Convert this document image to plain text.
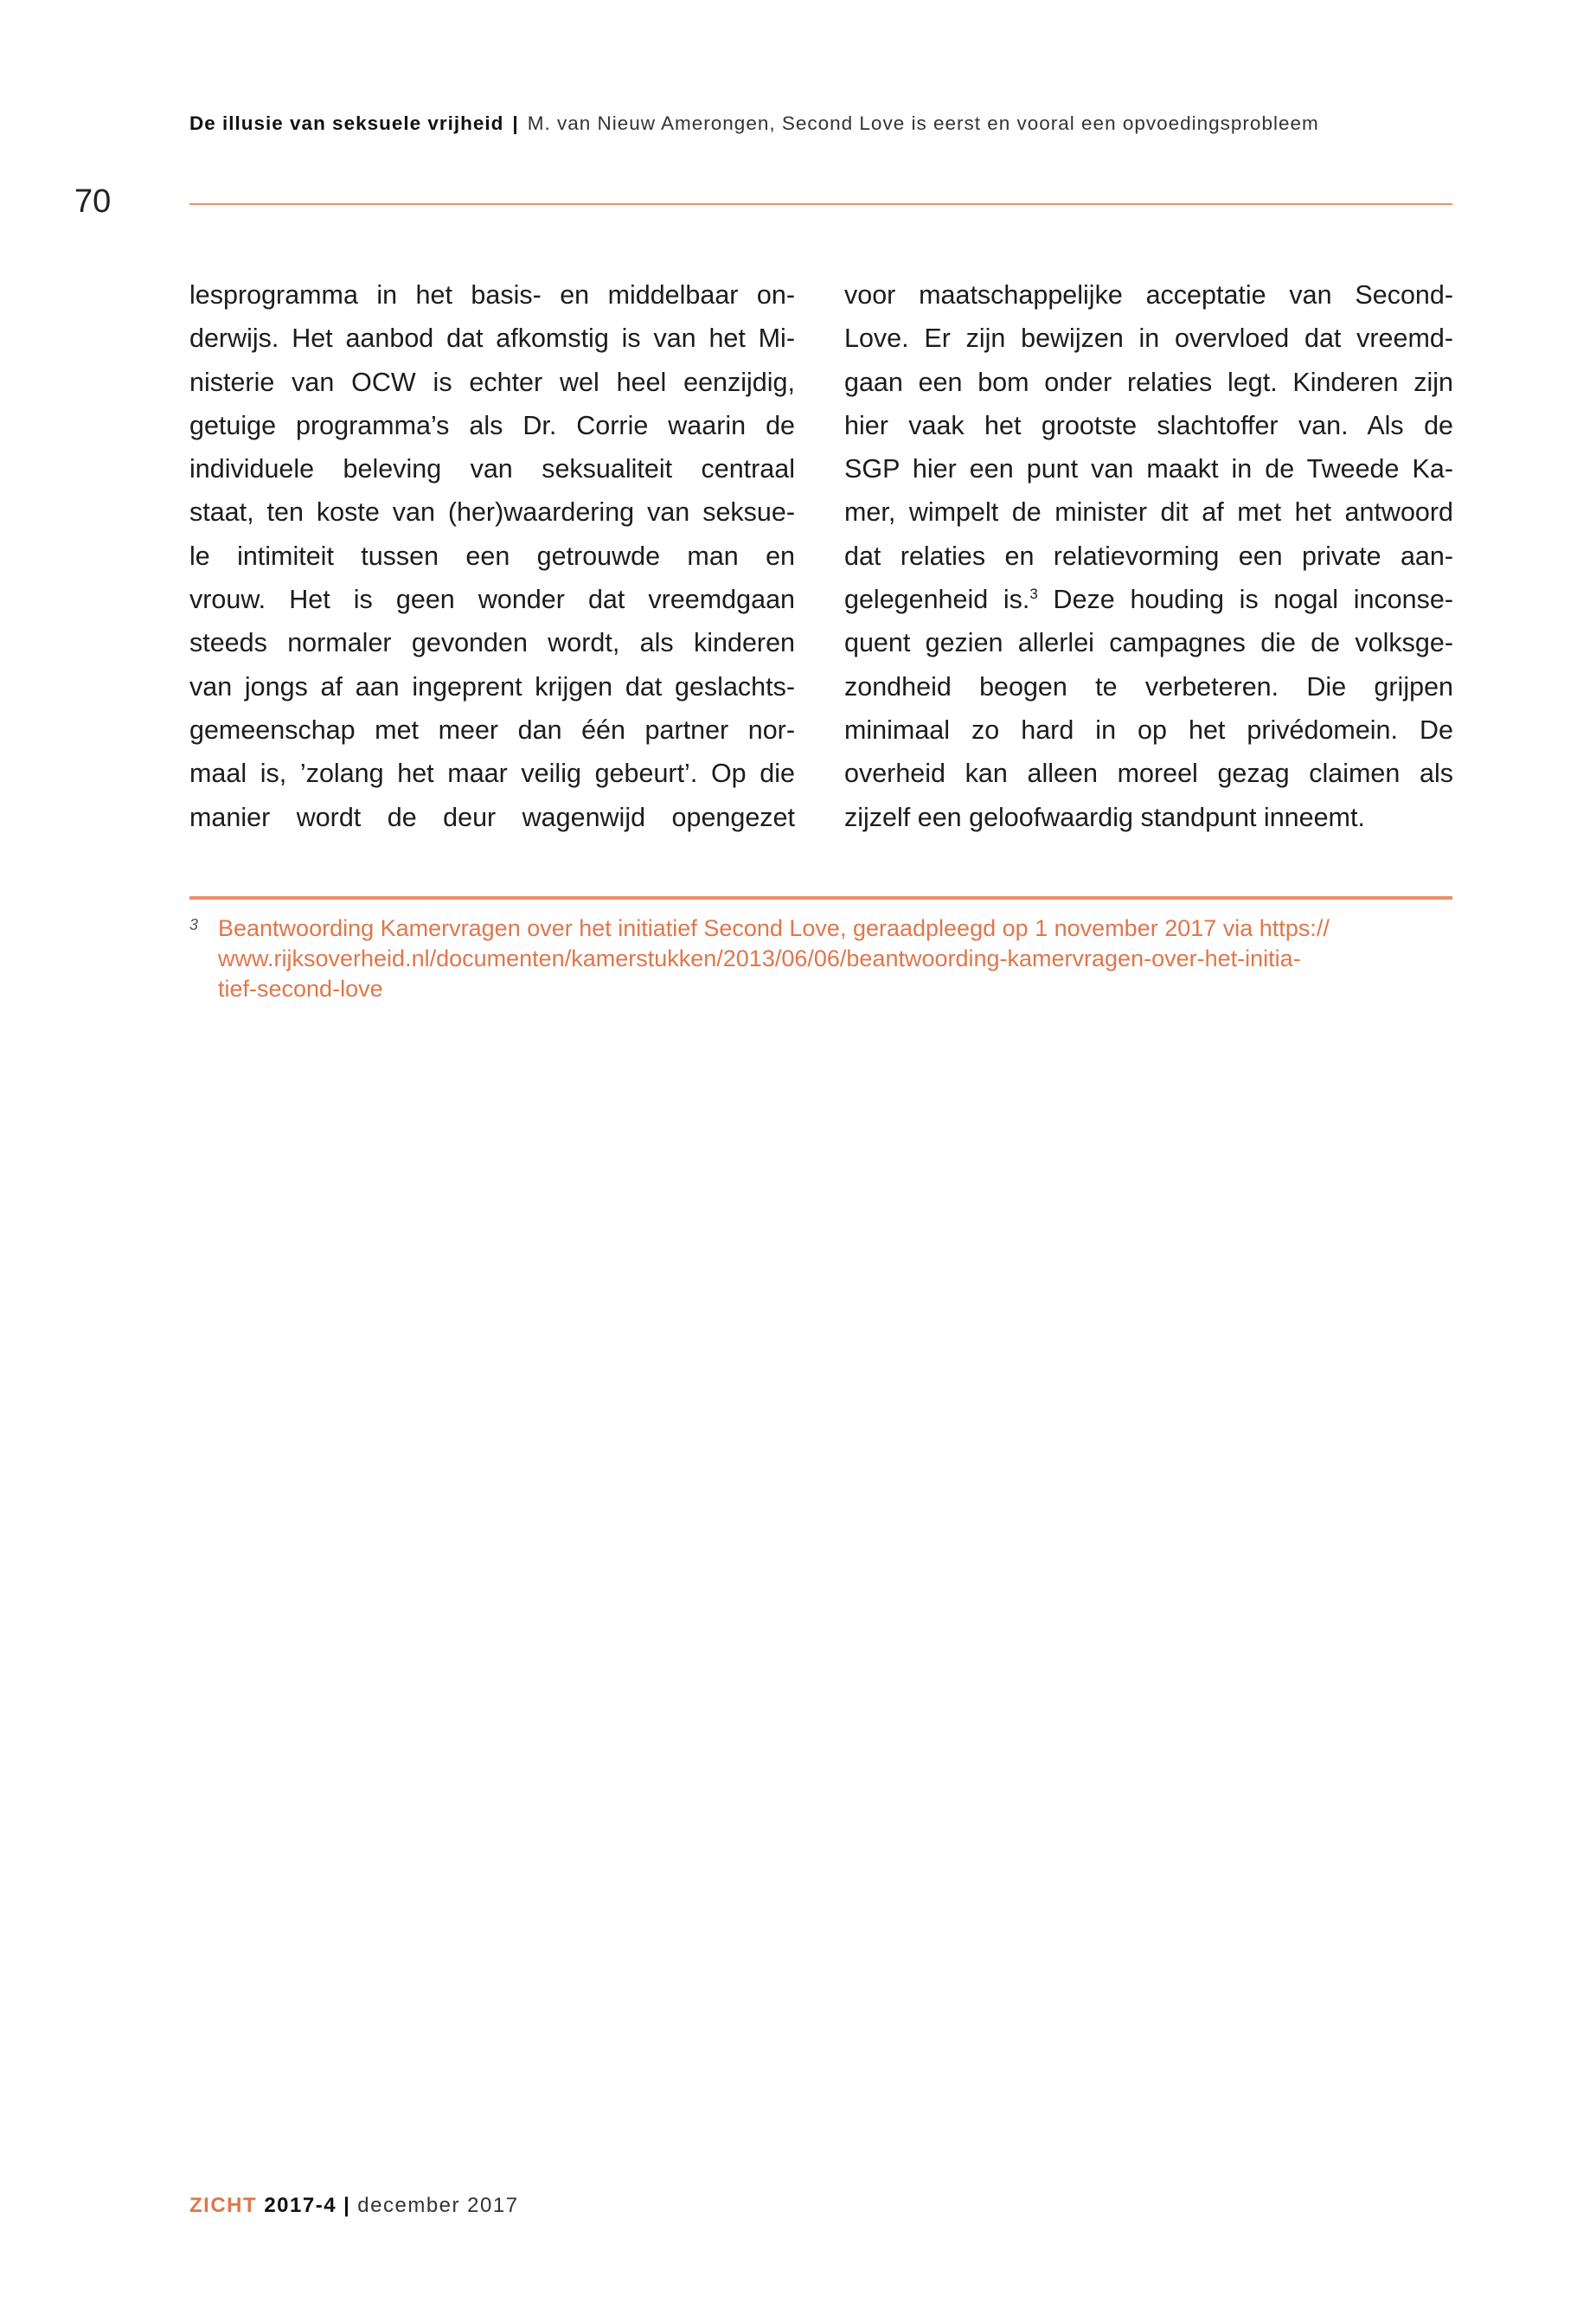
De illusie van seksuele vrijheid | M. van Nieuw Amerongen, Second Love is eerst en vooral een opvoedingsprobleem
70
lesprogramma in het basis- en middelbaar on-
derwijs. Het aanbod dat afkomstig is van het Mi-
nisterie van OCW is echter wel heel eenzijdig,
getuige programma’s als Dr. Corrie waarin de
individuele beleving van seksualiteit centraal
staat, ten koste van (her)waardering van seksue-
le intimiteit tussen een getrouwde man en
vrouw. Het is geen wonder dat vreemdgaan
steeds normaler gevonden wordt, als kinderen
van jongs af aan ingeprent krijgen dat geslachts-
gemeenschap met meer dan één partner nor-
maal is, ’zolang het maar veilig gebeurt’. Op die
manier wordt de deur wagenwijd opengezet
voor maatschappelijke acceptatie van Second-
Love. Er zijn bewijzen in overvloed dat vreemd-
gaan een bom onder relaties legt. Kinderen zijn
hier vaak het grootste slachtoffer van. Als de
SGP hier een punt van maakt in de Tweede Ka-
mer, wimpelt de minister dit af met het antwoord
dat relaties en relatievorming een private aan-
gelegenheid is.$^3$ Deze houding is nogal inconse-
quent gezien allerlei campagnes die de volksge-
zondheid beogen te verbeteren. Die grijpen
minimaal zo hard in op het privédomein. De
overheid kan alleen moreel gezag claimen als
zijzelf een geloofwaardig standpunt inneemt.
3 Beantwoording Kamervragen over het initiatief Second Love, geraadpleegd op 1 november 2017 via https://
www.rijksoverheid.nl/documenten/kamerstukken/2013/06/06/beantwoording-kamervragen-over-het-initia-
tief-second-love
ZICHT 2017-4 | december 2017
